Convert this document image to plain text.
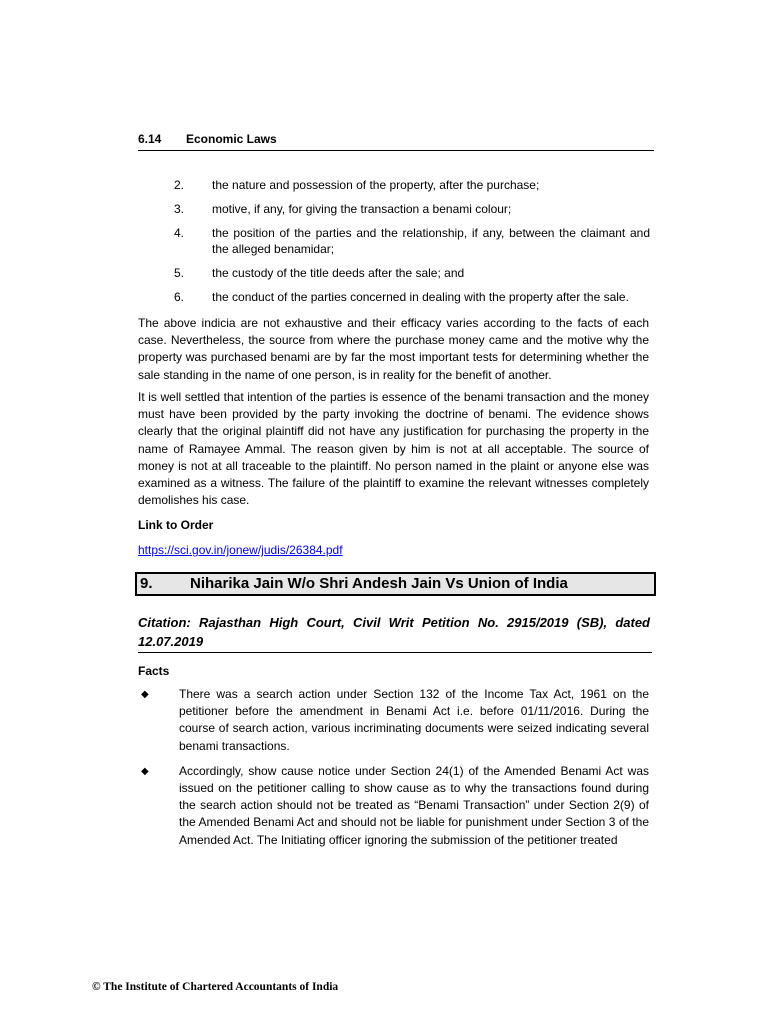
6.14 Economic Laws
2.	the nature and possession of the property, after the purchase;
3.	motive, if any, for giving the transaction a benami colour;
4.	the position of the parties and the relationship, if any, between the claimant and the alleged benamidar;
5.	the custody of the title deeds after the sale; and
6.	the conduct of the parties concerned in dealing with the property after the sale.

The above indicia are not exhaustive and their efficacy varies according to the facts of each case. Nevertheless, the source from where the purchase money came and the motive why the property was purchased benami are by far the most important tests for determining whether the sale standing in the name of one person, is in reality for the benefit of another.

It is well settled that intention of the parties is essence of the benami transaction and the money must have been provided by the party invoking the doctrine of benami. The evidence shows clearly that the original plaintiff did not have any justification for purchasing the property in the name of Ramayee Ammal. The reason given by him is not at all acceptable. The source of money is not at all traceable to the plaintiff. No person named in the plaint or anyone else was examined as a witness. The failure of the plaintiff to examine the relevant witnesses completely demolishes his case.

Link to Order
https://sci.gov.in/jonew/judis/26384.pdf
9.	Niharika Jain W/o Shri Andesh Jain Vs Union of India
Citation: Rajasthan High Court, Civil Writ Petition No. 2915/2019 (SB), dated 12.07.2019
Facts
◆	There was a search action under Section 132 of the Income Tax Act, 1961 on the petitioner before the amendment in Benami Act i.e. before 01/11/2016. During the course of search action, various incriminating documents were seized indicating several benami transactions.
◆	Accordingly, show cause notice under Section 24(1) of the Amended Benami Act was issued on the petitioner calling to show cause as to why the transactions found during the search action should not be treated as “Benami Transaction” under Section 2(9) of the Amended Benami Act and should not be liable for punishment under Section 3 of the Amended Act. The Initiating officer ignoring the submission of the petitioner treated
© The Institute of Chartered Accountants of India
